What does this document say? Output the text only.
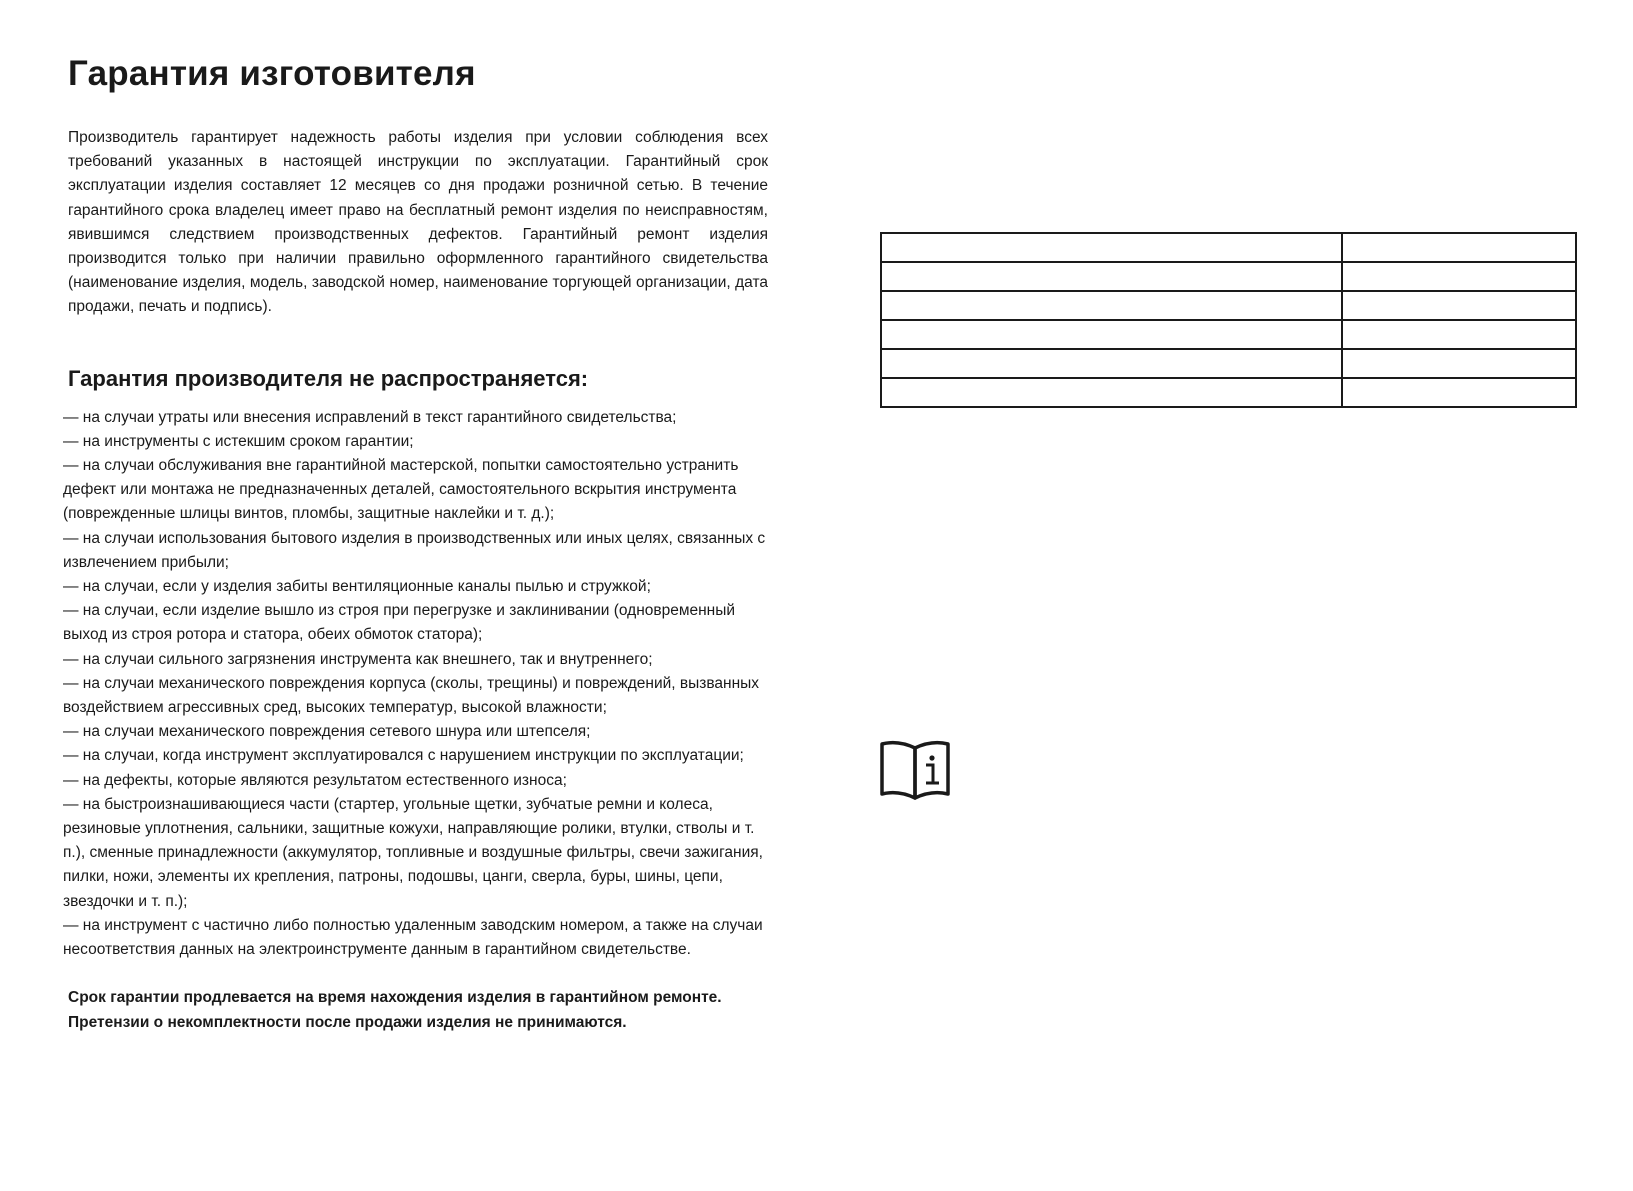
Гарантия изготовителя

Производитель гарантирует надежность работы изделия при условии соблюдения всех требований указанных в настоящей инструкции по эксплуатации. Гарантийный срок эксплуатации изделия составляет 12 месяцев со дня продажи розничной сетью. В течение гарантийного срока владелец имеет право на бесплатный ремонт изделия по неисправностям, явившимся следствием производственных дефектов. Гарантийный ремонт изделия производится только при наличии правильно оформленного гарантийного свидетельства (наименование изделия, модель, заводской номер, наименование торгующей организации, дата продажи, печать и подпись).

Гарантия производителя не распространяется:
— на случаи утраты или внесения исправлений в текст гарантийного свидетельства;
— на инструменты с истекшим сроком гарантии;
— на случаи обслуживания вне гарантийной мастерской, попытки самостоятельно устранить дефект или монтажа не предназначенных деталей, самостоятельного вскрытия инструмента (поврежденные шлицы винтов, пломбы, защитные наклейки и т. д.);
— на случаи использования бытового изделия в производственных или иных целях, связанных с извлечением прибыли;
— на случаи, если у изделия забиты вентиляционные каналы пылью и стружкой;
— на случаи, если изделие вышло из строя при перегрузке и заклинивании (одновременный выход из строя ротора и статора, обеих обмоток статора);
— на случаи сильного загрязнения инструмента как внешнего, так и внутреннего;
— на случаи механического повреждения корпуса (сколы, трещины) и повреждений, вызванных воздействием агрессивных сред, высоких температур, высокой влажности;
— на случаи механического повреждения сетевого шнура или штепселя;
— на случаи, когда инструмент эксплуатировался с нарушением инструкции по эксплуатации;
— на дефекты, которые являются результатом естественного износа;
— на быстроизнашивающиеся части (стартер, угольные щетки, зубчатые ремни и колеса, резиновые уплотнения, сальники, защитные кожухи, направляющие ролики, втулки, стволы и т. п.), сменные принадлежности (аккумулятор, топливные и воздушные фильтры, свечи зажигания, пилки, ножи, элементы их крепления, патроны, подошвы, цанги, сверла, буры, шины, цепи, звездочки и т. п.);
— на инструмент с частично либо полностью удаленным заводским номером, а также на случаи несоответствия данных на электроинструменте данным в гарантийном свидетельстве.

Срок гарантии продлевается на время нахождения изделия в гарантийном ремонте.

Претензии о некомплектности после продажи изделия не принимаются.
